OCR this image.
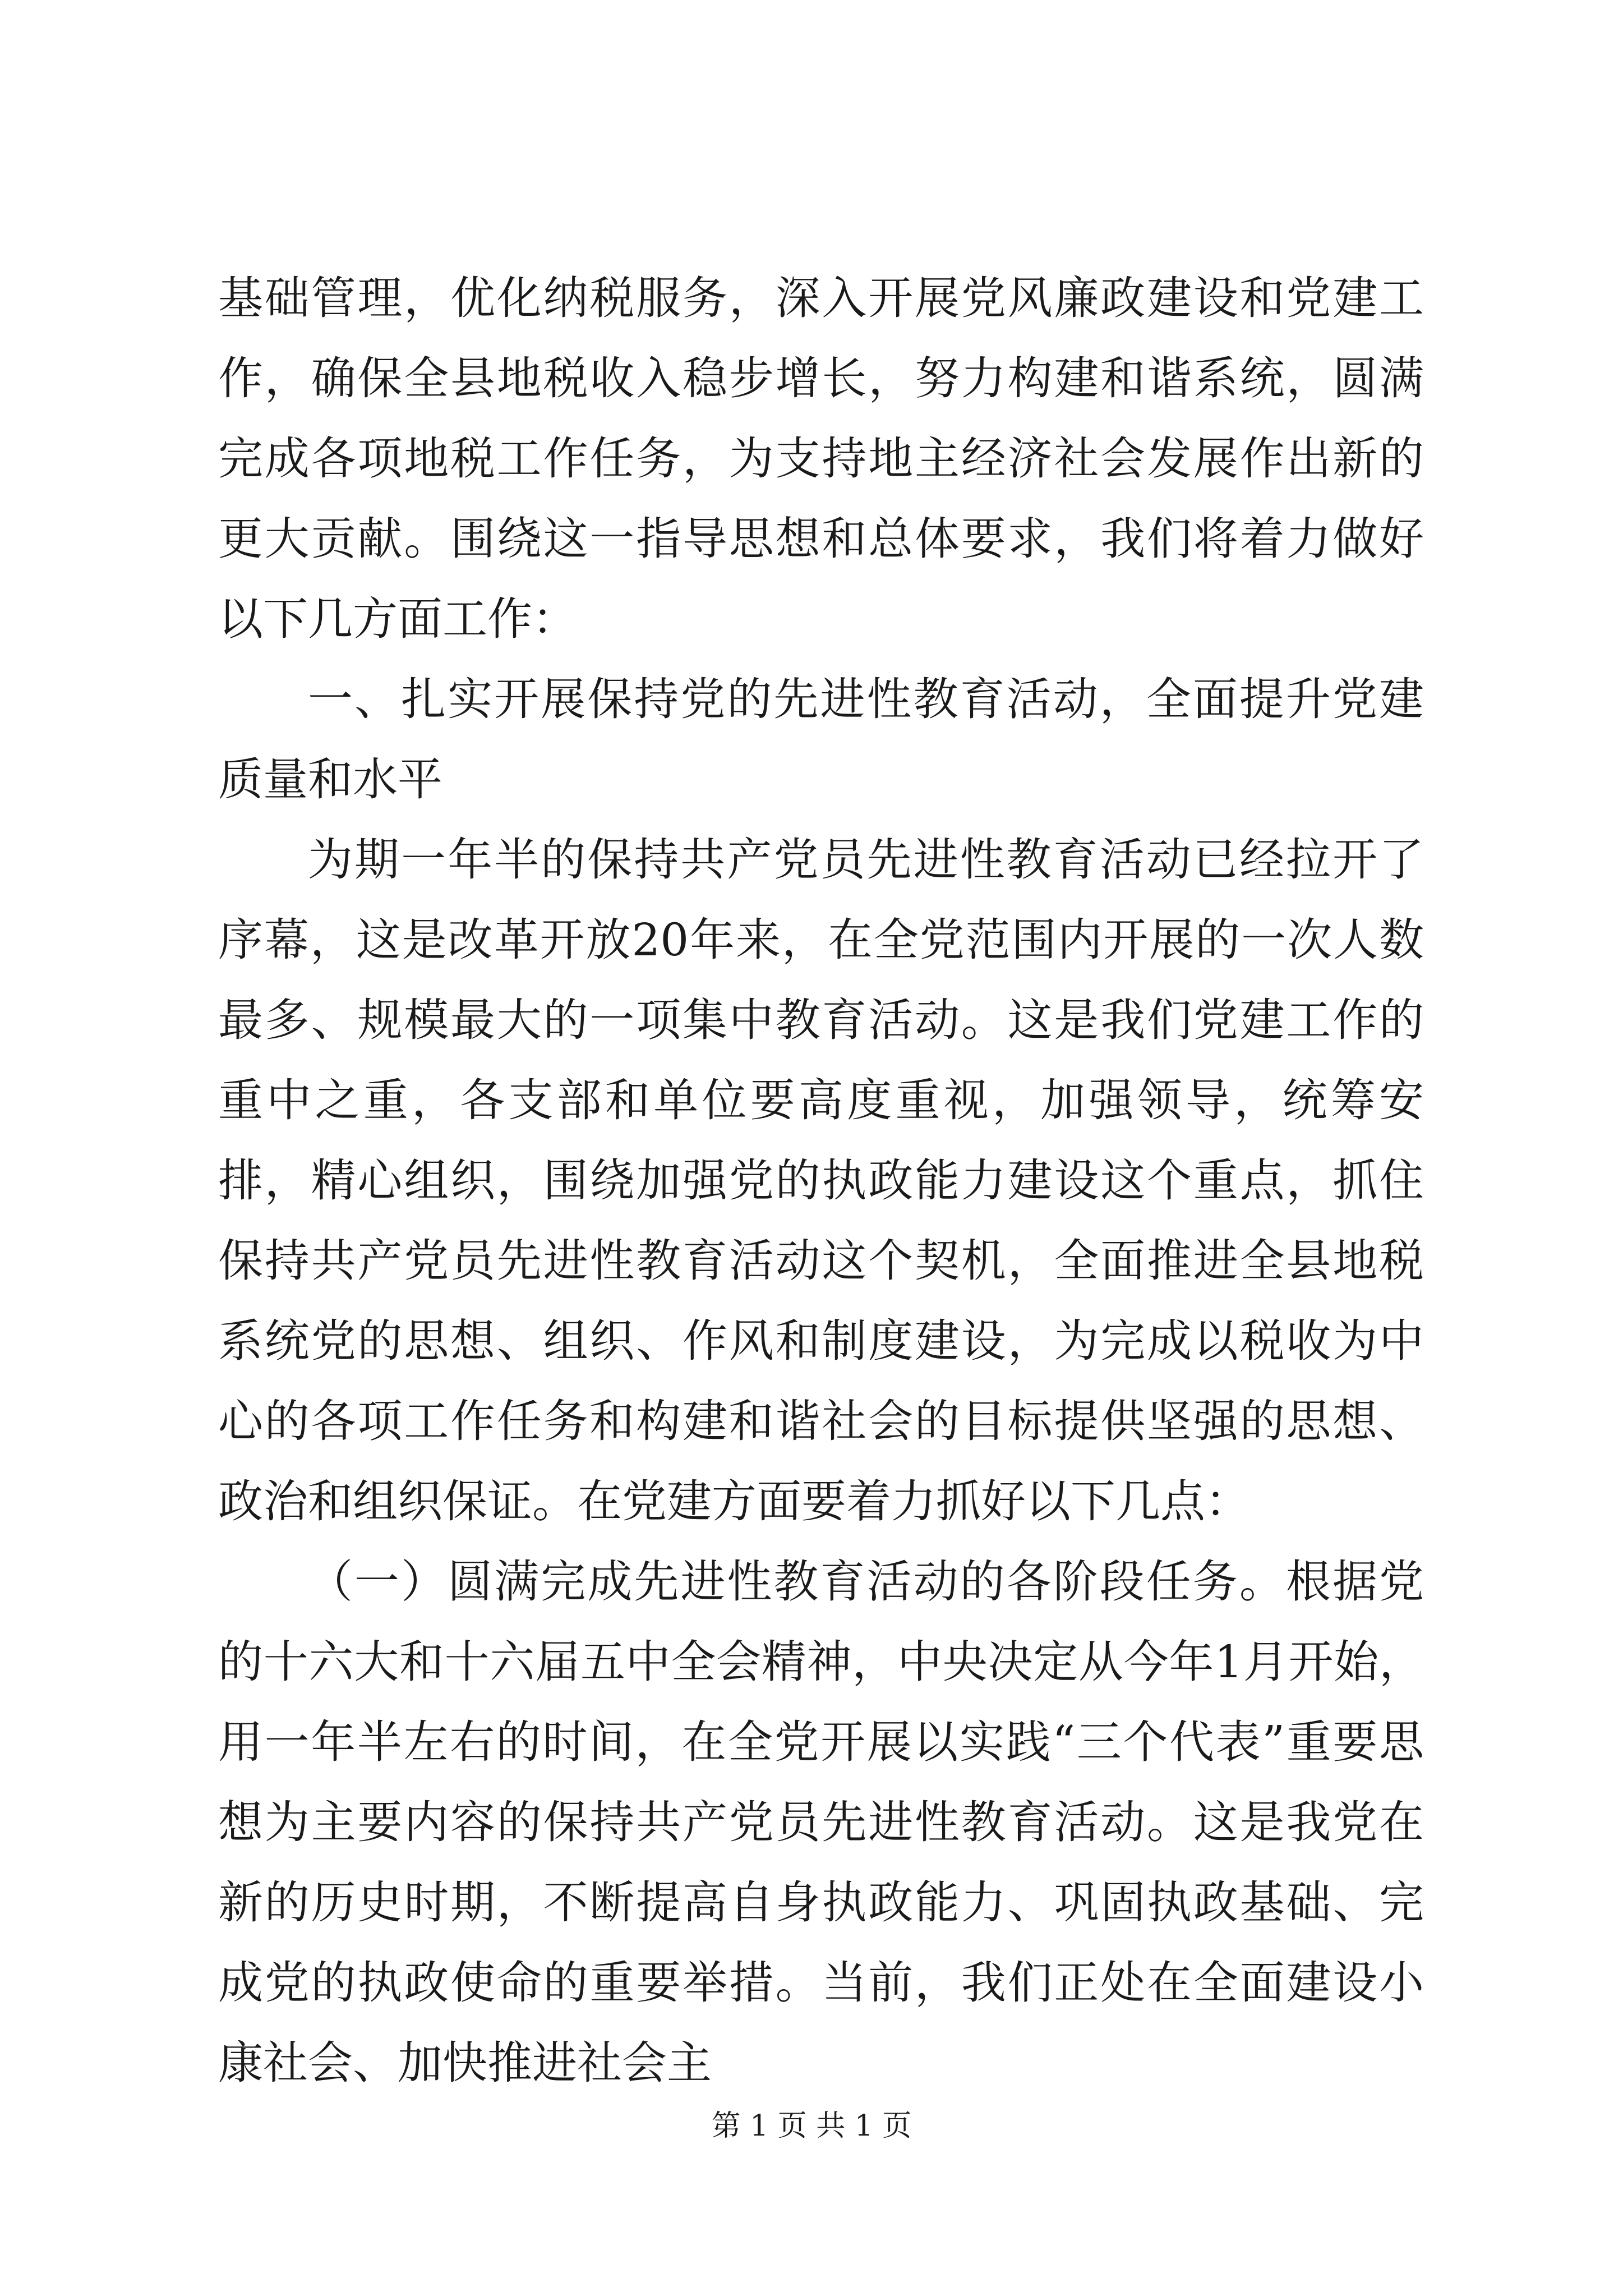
基础管理，优化纳税服务，深入开展党风廉政建设和党建工作，确保全县地税收入稳步增长，努力构建和谐系统，圆满完成各项地税工作任务，为支持地主经济社会发展作出新的更大贡献。围绕这一指导思想和总体要求，我们将着力做好以下几方面工作：

一、扎实开展保持党的先进性教育活动，全面提升党建质量和水平

为期一年半的保持共产党员先进性教育活动已经拉开了序幕，这是改革开放20年来，在全党范围内开展的一次人数最多、规模最大的一项集中教育活动。这是我们党建工作的重中之重，各支部和单位要高度重视，加强领导，统筹安排，精心组织，围绕加强党的执政能力建设这个重点，抓住保持共产党员先进性教育活动这个契机，全面推进全县地税系统党的思想、组织、作风和制度建设，为完成以税收为中心的各项工作任务和构建和谐社会的目标提供坚强的思想、政治和组织保证。在党建方面要着力抓好以下几点：

（一）圆满完成先进性教育活动的各阶段任务。根据党的十六大和十六届五中全会精神，中央决定从今年1月开始，用一年半左右的时间，在全党开展以实践“三个代表”重要思想为主要内容的保持共产党员先进性教育活动。这是我党在新的历史时期，不断提高自身执政能力、巩固执政基础、完成党的执政使命的重要举措。当前，我们正处在全面建设小康社会、加快推进社会主

第 1 页 共 1 页
